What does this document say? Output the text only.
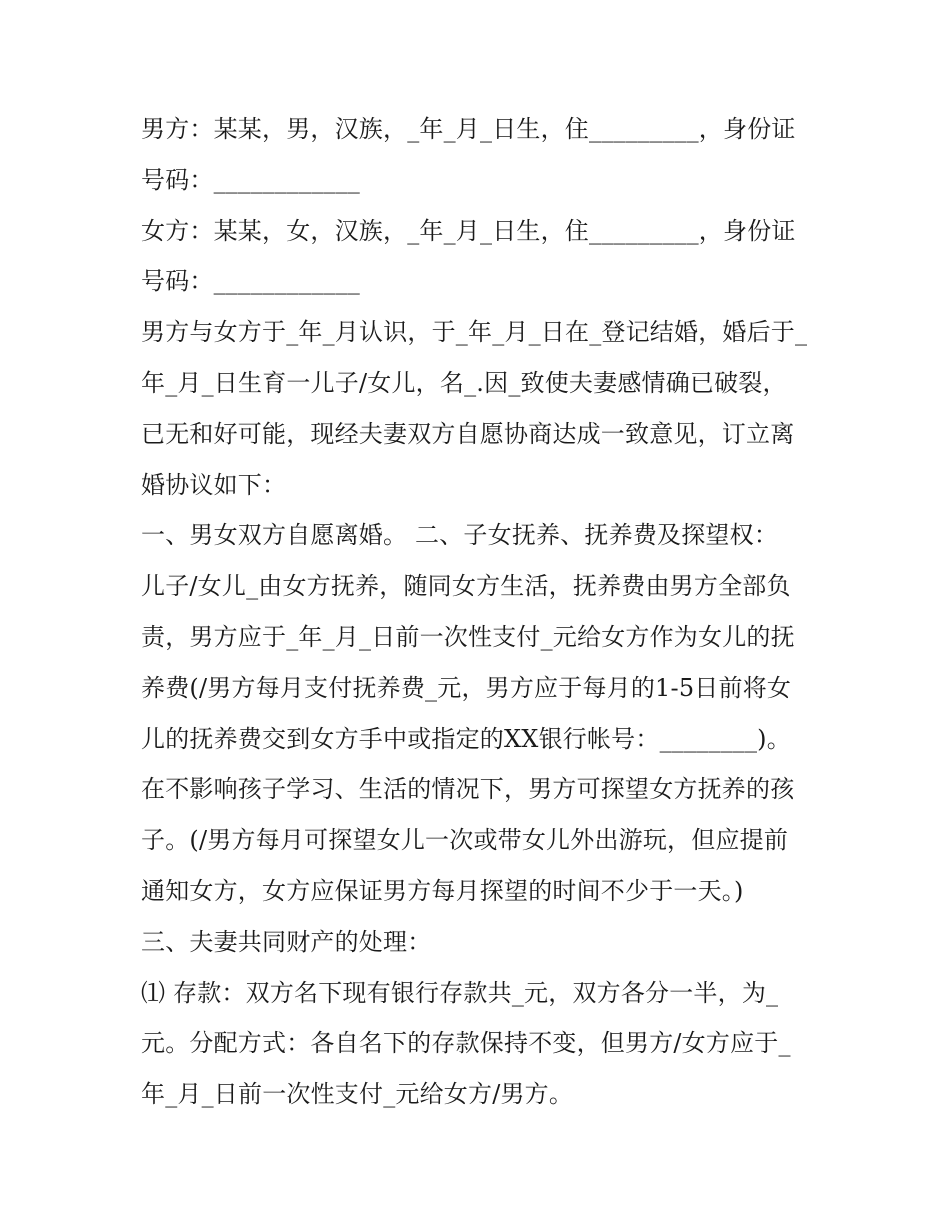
男方：某某，男，汉族，_年_月_日生，住_________，身份证
号码：____________
女方：某某，女，汉族，_年_月_日生，住_________，身份证
号码：____________
男方与女方于_年_月认识，于_年_月_日在_登记结婚，婚后于_
年_月_日生育一儿子/女儿，名_.因_致使夫妻感情确已破裂，
已无和好可能，现经夫妻双方自愿协商达成一致意见，订立离
婚协议如下：
一、男女双方自愿离婚。 二、子女抚养、抚养费及探望权：
儿子/女儿_由女方抚养，随同女方生活，抚养费由男方全部负
责，男方应于_年_月_日前一次性支付_元给女方作为女儿的抚
养费(/男方每月支付抚养费_元，男方应于每月的1-5日前将女
儿的抚养费交到女方手中或指定的XX银行帐号：________)。
在不影响孩子学习、生活的情况下，男方可探望女方抚养的孩
子。(/男方每月可探望女儿一次或带女儿外出游玩，但应提前
通知女方，女方应保证男方每月探望的时间不少于一天。)
三、夫妻共同财产的处理：
⑴ 存款：双方名下现有银行存款共_元，双方各分一半，为_
元。分配方式：各自名下的存款保持不变，但男方/女方应于_
年_月_日前一次性支付_元给女方/男方。
